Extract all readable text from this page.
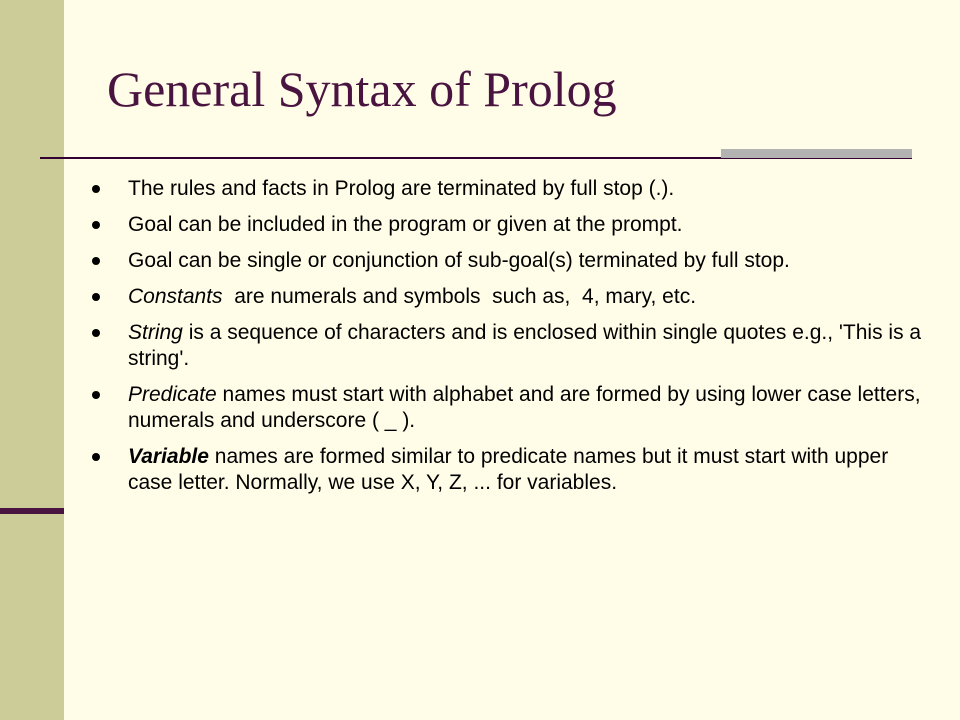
General Syntax of Prolog
The rules and facts in Prolog are terminated by full stop (.).
Goal can be included in the program or given at the prompt.
Goal can be single or conjunction of sub-goal(s) terminated by full stop.
Constants  are numerals and symbols  such as,  4, mary, etc.
String is a sequence of characters and is enclosed within single quotes e.g., 'This is a string'.
Predicate names must start with alphabet and are formed by using lower case letters, numerals and underscore ( _ ).
Variable names are formed similar to predicate names but it must start with upper case letter. Normally, we use X, Y, Z, ... for variables.
